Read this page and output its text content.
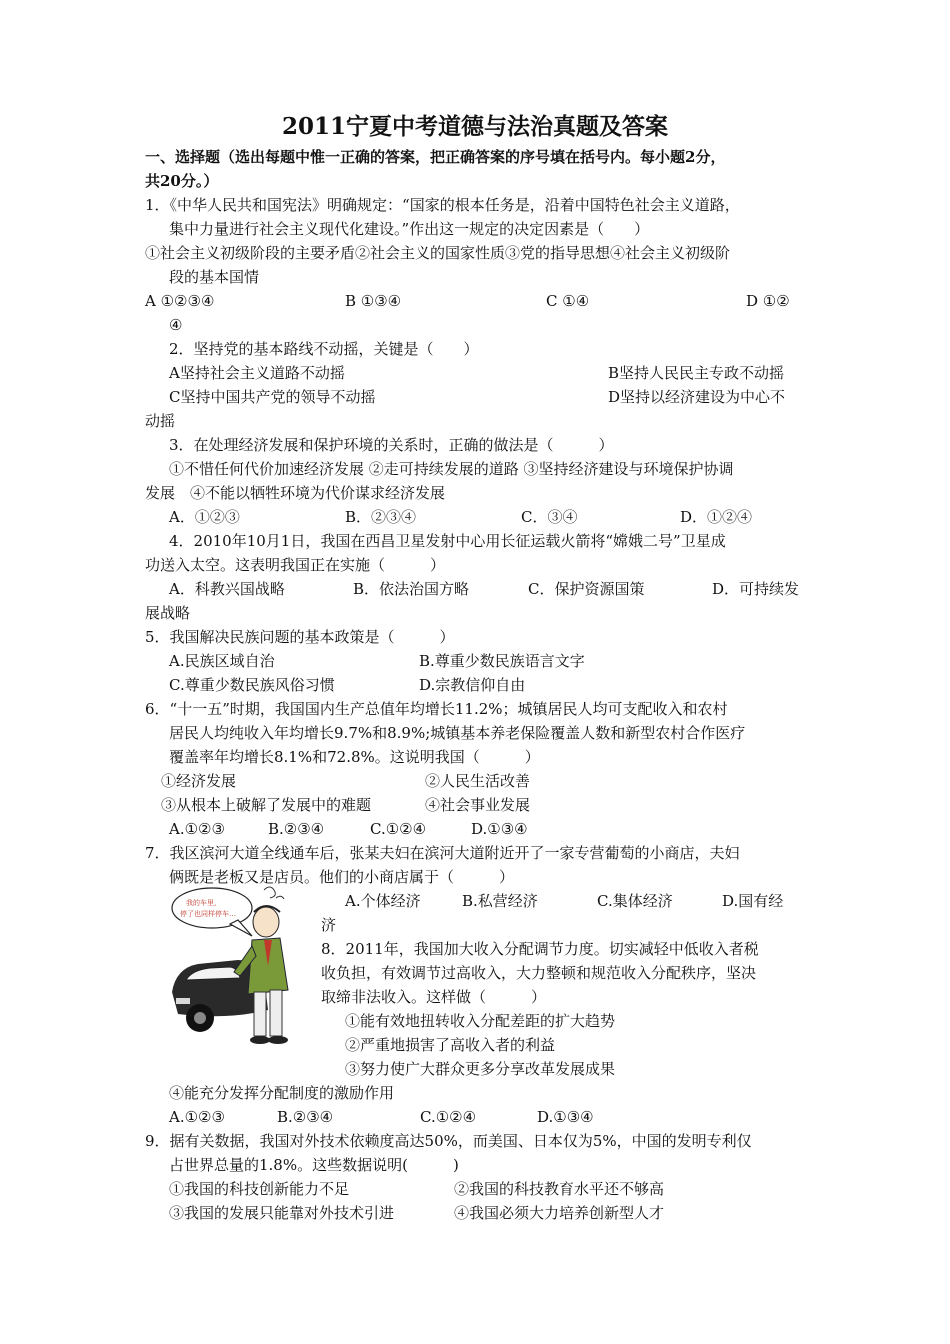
2011宁夏中考道德与法治真题及答案
一、选择题（选出每题中惟一正确的答案，把正确答案的序号填在括号内。每小题2分，
共20分。）
1．《中华人民共和国宪法》明确规定：“国家的根本任务是，沿着中国特色社会主义道路，
集中力量进行社会主义现代化建设。”作出这一规定的决定因素是（　　）
①社会主义初级阶段的主要矛盾②社会主义的国家性质③党的指导思想④社会主义初级阶
段的基本国情
A ①②③④	B ①③④	C ①④	D ①②
④
2．坚持党的基本路线不动摇，关键是（　　）
A坚持社会主义道路不动摇	B坚持人民民主专政不动摇
C坚持中国共产党的领导不动摇	D坚持以经济建设为中心不
动摇
3．在处理经济发展和保护环境的关系时，正确的做法是（　　　）
①不惜任何代价加速经济发展 ②走可持续发展的道路 ③坚持经济建设与环境保护协调
发展　④不能以牺牲环境为代价谋求经济发展
A．①②③	B．②③④	C．③④	D．①②④
4．2010年10月1日，我国在西昌卫星发射中心用长征运载火箭将“嫦娥二号”卫星成
功送入太空。这表明我国正在实施（　　　）
A．科教兴国战略	B．依法治国方略	C．保护资源国策	D．可持续发
展战略
5．我国解决民族问题的基本政策是（　　　）
A.民族区域自治	B.尊重少数民族语言文字
C.尊重少数民族风俗习惯	D.宗教信仰自由
6．“十一五”时期，我国国内生产总值年均增长11.2%；城镇居民人均可支配收入和农村
居民人均纯收入年均增长9.7%和8.9%;城镇基本养老保险覆盖人数和新型农村合作医疗
覆盖率年均增长8.1%和72.8%。这说明我国（　　　）
①经济发展	②人民生活改善
③从根本上破解了发展中的难题	④社会事业发展
A.①②③	B.②③④	C.①②④	D.①③④
7．我区滨河大道全线通车后，张某夫妇在滨河大道附近开了一家专营葡萄的小商店，夫妇
俩既是老板又是店员。他们的小商店属于（　　　）
A.个体经济	B.私营经济	C.集体经济	D.国有经
济
我的车里，
停了也同样停车…
8．2011年，我国加大收入分配调节力度。切实减轻中低收入者税
收负担，有效调节过高收入，大力整顿和规范收入分配秩序，坚决
取缔非法收入。这样做（　　　）
①能有效地扭转收入分配差距的扩大趋势
②严重地损害了高收入者的利益
③努力使广大群众更多分享改革发展成果
④能充分发挥分配制度的激励作用
A.①②③	B.②③④	C.①②④	D.①③④
9．据有关数据，我国对外技术依赖度高达50%，而美国、日本仅为5%，中国的发明专利仅
占世界总量的1.8%。这些数据说明(　　　)
①我国的科技创新能力不足	②我国的科技教育水平还不够高
③我国的发展只能靠对外技术引进	④我国必须大力培养创新型人才
